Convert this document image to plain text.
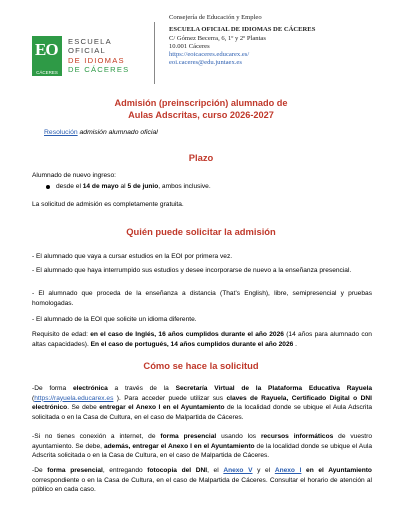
EO
CÁCERES
ESCUELA
OFICIAL
DE IDIOMAS
DE CÁCERES
Consejería de Educación y Empleo
ESCUELA OFICIAL DE IDIOMAS DE CÁCERES
C/ Gómez Becerra, 6, 1º y 2º Plantas
10.001 Cáceres
https://eoicaceres.educarex.es/
eoi.caceres@edu.juntaex.es
Admisión (preinscripción) alumnado de
Aulas Adscritas, curso 2026-2027
Resolución admisión alumnado oficial
Plazo
Alumnado de nuevo ingreso:
desde el 14 de mayo al 5 de junio, ambos inclusive.
La solicitud de admisión es completamente gratuita.
Quién puede solicitar la admisión
- El alumnado que vaya a cursar estudios en la EOI por primera vez.
- El alumnado que haya interrumpido sus estudios y desee incorporarse de nuevo a la enseñanza presencial.
- El alumnado que proceda de la enseñanza a distancia (That’s English), libre, semipresencial y pruebas homologadas.
- El alumnado de la EOI que solicite un idioma diferente.
Requisito de edad: en el caso de Inglés, 16 años cumplidos durante el año 2026 (14 años para alumnado con altas capacidades). En el caso de portugués, 14 años cumplidos durante el año 2026 .
Cómo se hace la solicitud
-De forma electrónica a través de la Secretaría Virtual de la Plataforma Educativa Rayuela (https://rayuela.educarex.es ). Para acceder puede utilizar sus claves de Rayuela, Certificado Digital o DNI electrónico. Se debe entregar el Anexo I en el Ayuntamiento de la localidad donde se ubique el Aula Adscrita solicitada o en la Casa de Cultura, en el caso de Malpartida de Cáceres.
-Si no tienes conexión a internet, de forma presencial usando los recursos informáticos de vuestro ayuntamiento. Se debe, además, entregar el Anexo I en el Ayuntamiento de la localidad donde se ubique el Aula Adscrita solicitada o en la Casa de Cultura, en el caso de Malpartida de Cáceres.
-De forma presencial, entregando fotocopia del DNI, el Anexo V y el Anexo I en el Ayuntamiento correspondiente o en la Casa de Cultura, en el caso de Malpartida de Cáceres. Consultar el horario de atención al público en cada caso.
